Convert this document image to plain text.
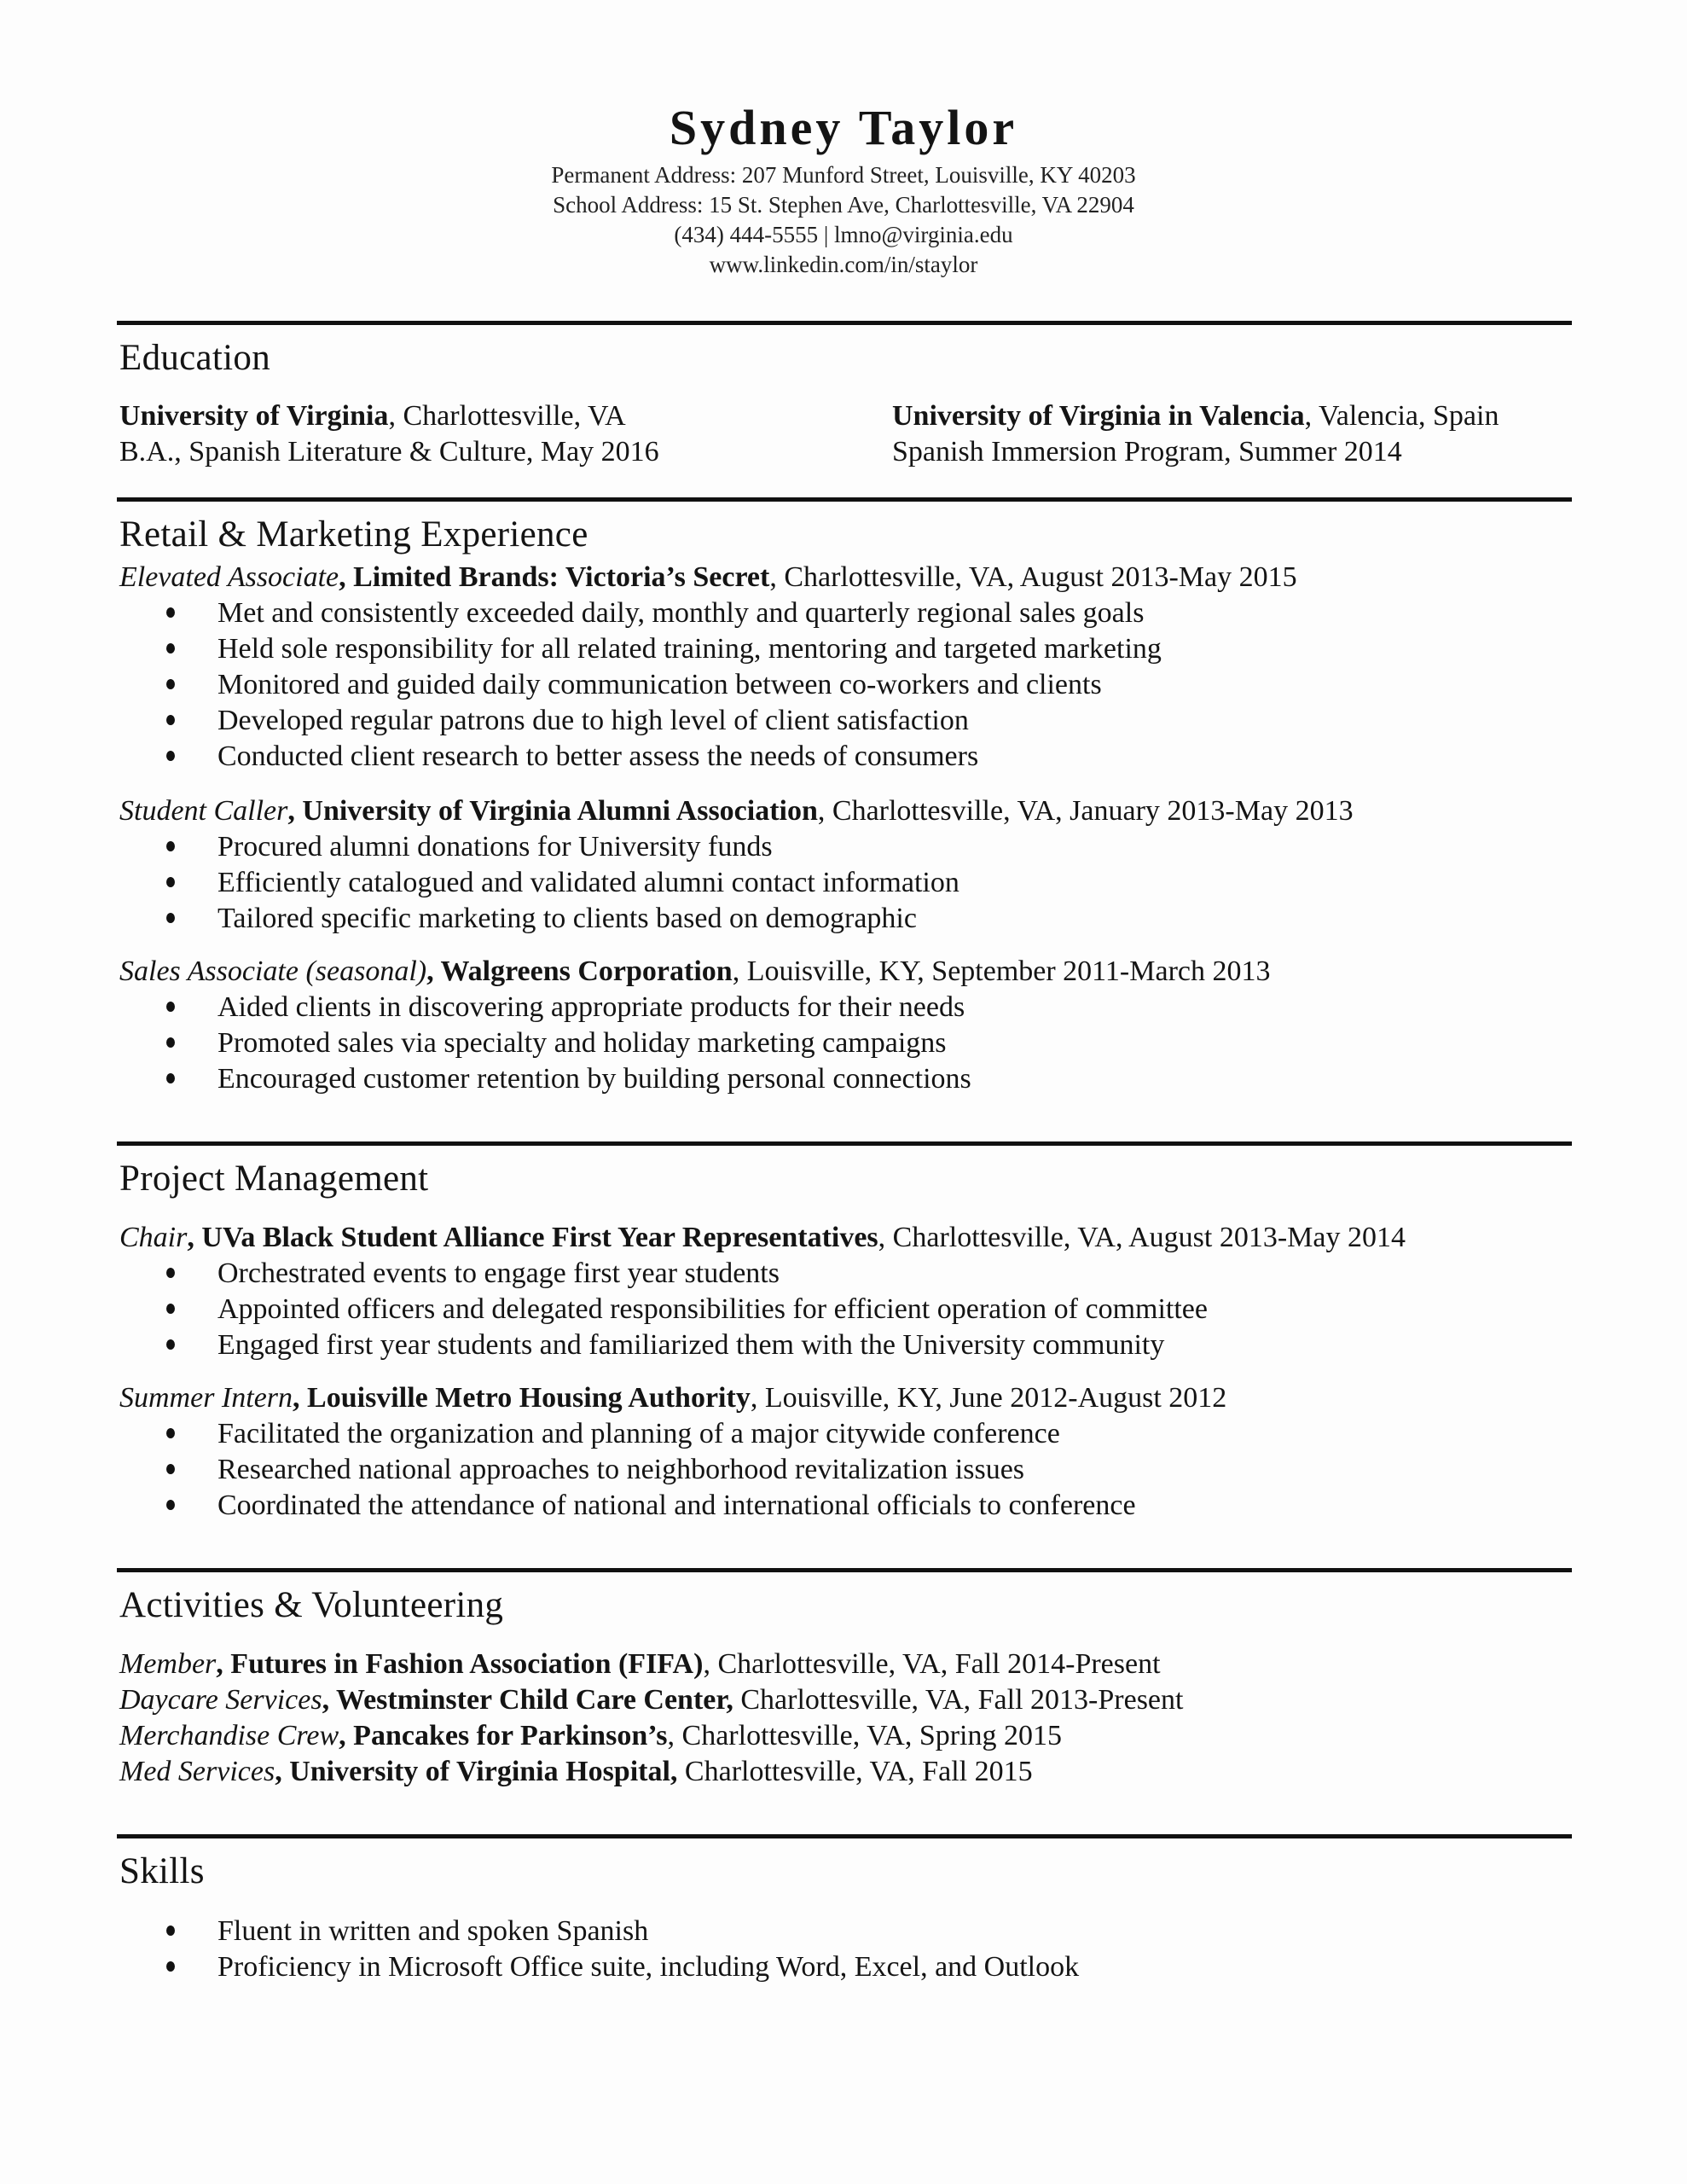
Sydney Taylor
Permanent Address: 207 Munford Street, Louisville, KY 40203
School Address: 15 St. Stephen Ave, Charlottesville, VA 22904
(434) 444-5555 | lmno@virginia.edu
www.linkedin.com/in/staylor
Education
University of Virginia, Charlottesville, VA
B.A., Spanish Literature & Culture, May 2016
University of Virginia in Valencia, Valencia, Spain
Spanish Immersion Program, Summer 2014
Retail & Marketing Experience
Elevated Associate, Limited Brands: Victoria’s Secret, Charlottesville, VA, August 2013-May 2015
Met and consistently exceeded daily, monthly and quarterly regional sales goals
Held sole responsibility for all related training, mentoring and targeted marketing
Monitored and guided daily communication between co-workers and clients
Developed regular patrons due to high level of client satisfaction
Conducted client research to better assess the needs of consumers
Student Caller, University of Virginia Alumni Association, Charlottesville, VA, January 2013-May 2013
Procured alumni donations for University funds
Efficiently catalogued and validated alumni contact information
Tailored specific marketing to clients based on demographic
Sales Associate (seasonal), Walgreens Corporation, Louisville, KY, September 2011-March 2013
Aided clients in discovering appropriate products for their needs
Promoted sales via specialty and holiday marketing campaigns
Encouraged customer retention by building personal connections
Project Management
Chair, UVa Black Student Alliance First Year Representatives, Charlottesville, VA, August 2013-May 2014
Orchestrated events to engage first year students
Appointed officers and delegated responsibilities for efficient operation of committee
Engaged first year students and familiarized them with the University community
Summer Intern, Louisville Metro Housing Authority, Louisville, KY, June 2012-August 2012
Facilitated the organization and planning of a major citywide conference
Researched national approaches to neighborhood revitalization issues
Coordinated the attendance of national and international officials to conference
Activities & Volunteering
Member, Futures in Fashion Association (FIFA), Charlottesville, VA, Fall 2014-Present
Daycare Services, Westminster Child Care Center, Charlottesville, VA, Fall 2013-Present
Merchandise Crew, Pancakes for Parkinson’s, Charlottesville, VA, Spring 2015
Med Services, University of Virginia Hospital, Charlottesville, VA, Fall 2015
Skills
Fluent in written and spoken Spanish
Proficiency in Microsoft Office suite, including Word, Excel, and Outlook
